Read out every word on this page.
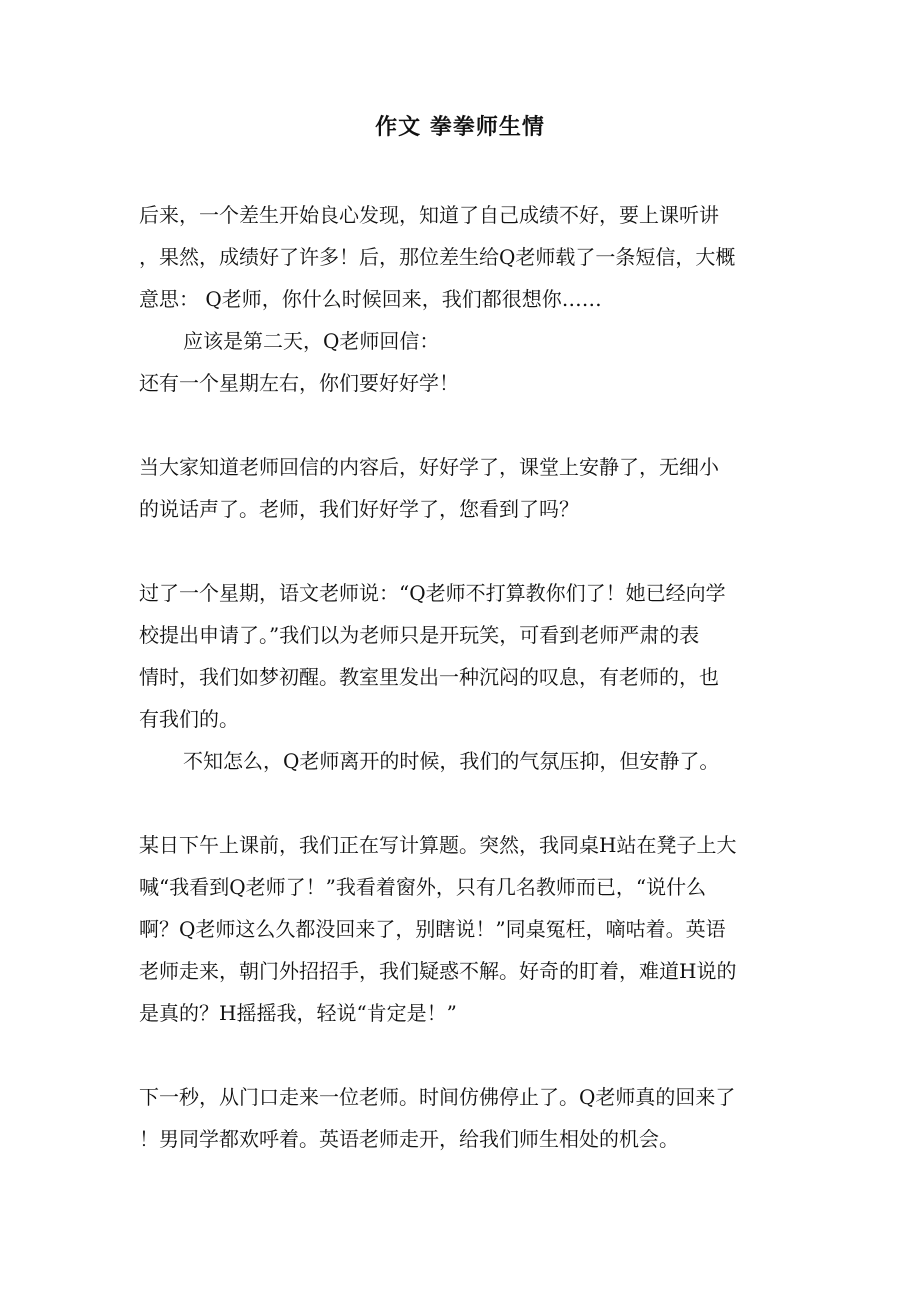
作文 拳拳师生情
后来，一个差生开始良心发现，知道了自己成绩不好，要上课听讲
，果然，成绩好了许多！后，那位差生给Q老师载了一条短信，大概
意思： Q老师，你什么时候回来，我们都很想你……
应该是第二天，Q老师回信：
还有一个星期左右，你们要好好学！
当大家知道老师回信的内容后，好好学了，课堂上安静了，无细小
的说话声了。老师，我们好好学了，您看到了吗？
过了一个星期，语文老师说：“Q老师不打算教你们了！她已经向学
校提出申请了。”我们以为老师只是开玩笑，可看到老师严肃的表
情时，我们如梦初醒。教室里发出一种沉闷的叹息，有老师的，也
有我们的。
不知怎么，Q老师离开的时候，我们的气氛压抑，但安静了。
某日下午上课前，我们正在写计算题。突然，我同桌H站在凳子上大
喊“我看到Q老师了！”我看着窗外，只有几名教师而已，“说什么
啊？Q老师这么久都没回来了，别瞎说！”同桌冤枉，嘀咕着。英语
老师走来，朝门外招招手，我们疑惑不解。好奇的盯着，难道H说的
是真的？H摇摇我，轻说“肯定是！”
下一秒，从门口走来一位老师。时间仿佛停止了。Q老师真的回来了
！男同学都欢呼着。英语老师走开，给我们师生相处的机会。
